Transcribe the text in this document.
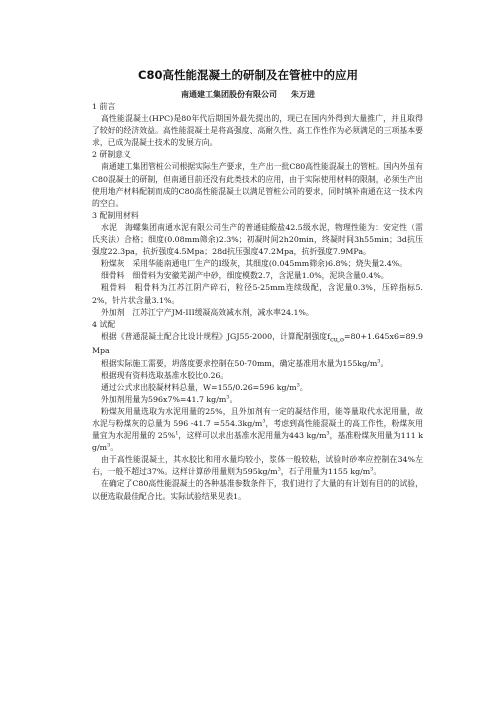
C80高性能混凝土的研制及在管桩中的应用
南通建工集团股份有限公司 朱万进

1 前言

高性能混凝土(HPC)是80年代后期国外最先提出的，现已在国内外得到大量推广，并且取得了较好的经济效益。高性能混凝土是将高强度、高耐久性、高工作性作为必须满足的三项基本要求，已成为混凝土技术的发展方向。

2 研制意义

南通建工集团管桩公司根据实际生产要求，生产出一批C80高性能混凝土的管桩。国内外虽有C80混凝土的研制，但南通目前还没有此类技术的应用，由于实际使用材料的限制，必须生产出使用地产材料配制而成的C80高性能混凝土以满足管桩公司的要求，同时填补南通在这一技术内的空白。

3 配制用材料

水泥　海螺集团南通水泥有限公司生产的普通硅酸盐42.5级水泥，物理性能为：安定性（雷氏夹法）合格；细度(0.08mm筛余)2.3%；初凝时间2h20min，终凝时间3h55min；3d抗压强度22.3pa，抗折强度4.5Mpa；28d抗压强度47.2Mpa，抗折强度7.9MPa。

粉煤灰　采用华能南通电厂生产的Ⅰ级灰，其细度(0.045mm筛余)6.8%；烧失量2.4%。

细骨料　细骨料为安徽芜湖产中砂，细度模数2.7，含泥量1.0%，泥块含量0.4%。

粗骨料　粗骨料为江苏江阴产碎石，粒径5-25mm连续级配，含泥量0.3%，压碎指标5.2%，针片状含量3.1%。

外加剂　江苏江宁产JM-III缓凝高效减水剂，减水率24.1%。

4 试配

根据《普通混凝土配合比设计规程》JGJ55-2000，计算配制强度$f_{cu,o}=80+1.645x6=89.9Mpa$

根据实际施工需要，坍落度要求控制在50-70mm，确定基准用水量为$155kg/m^3$。

根据现有资料选取基准水胶比0.26。

通过公式求出胶凝材料总量，W=155/0.26=596 $kg/m^3$。

外加剂用量为596x7%=41.7 $kg/m^3$。

粉煤灰用量选取为水泥用量的25%，且外加剂有一定的凝结作用，能等量取代水泥用量，故水泥与粉煤灰的总量为 596 $-41.7 =554.3kg/m^3$，考虑到高性能混凝土的高工作性，粉煤灰用量宜为水泥用量的 25%$^1$，这样可以求出基准水泥用量为443 $kg/m^3$，基准粉煤灰用量为111 $kg/m^3$。

由于高性能混凝土，其水胶比和用水量均较小，浆体一般较粘，试验时砂率应控制在34%左右，一般不超过37%。这样计算砂用量则为$595kg/m^3$，石子用量为1155 $kg/m^3$。

在确定了C80高性能混凝土的各种基准参数条件下，我们进行了大量的有计划有目的的试验，以便选取最佳配合比。实际试验结果见表1。
